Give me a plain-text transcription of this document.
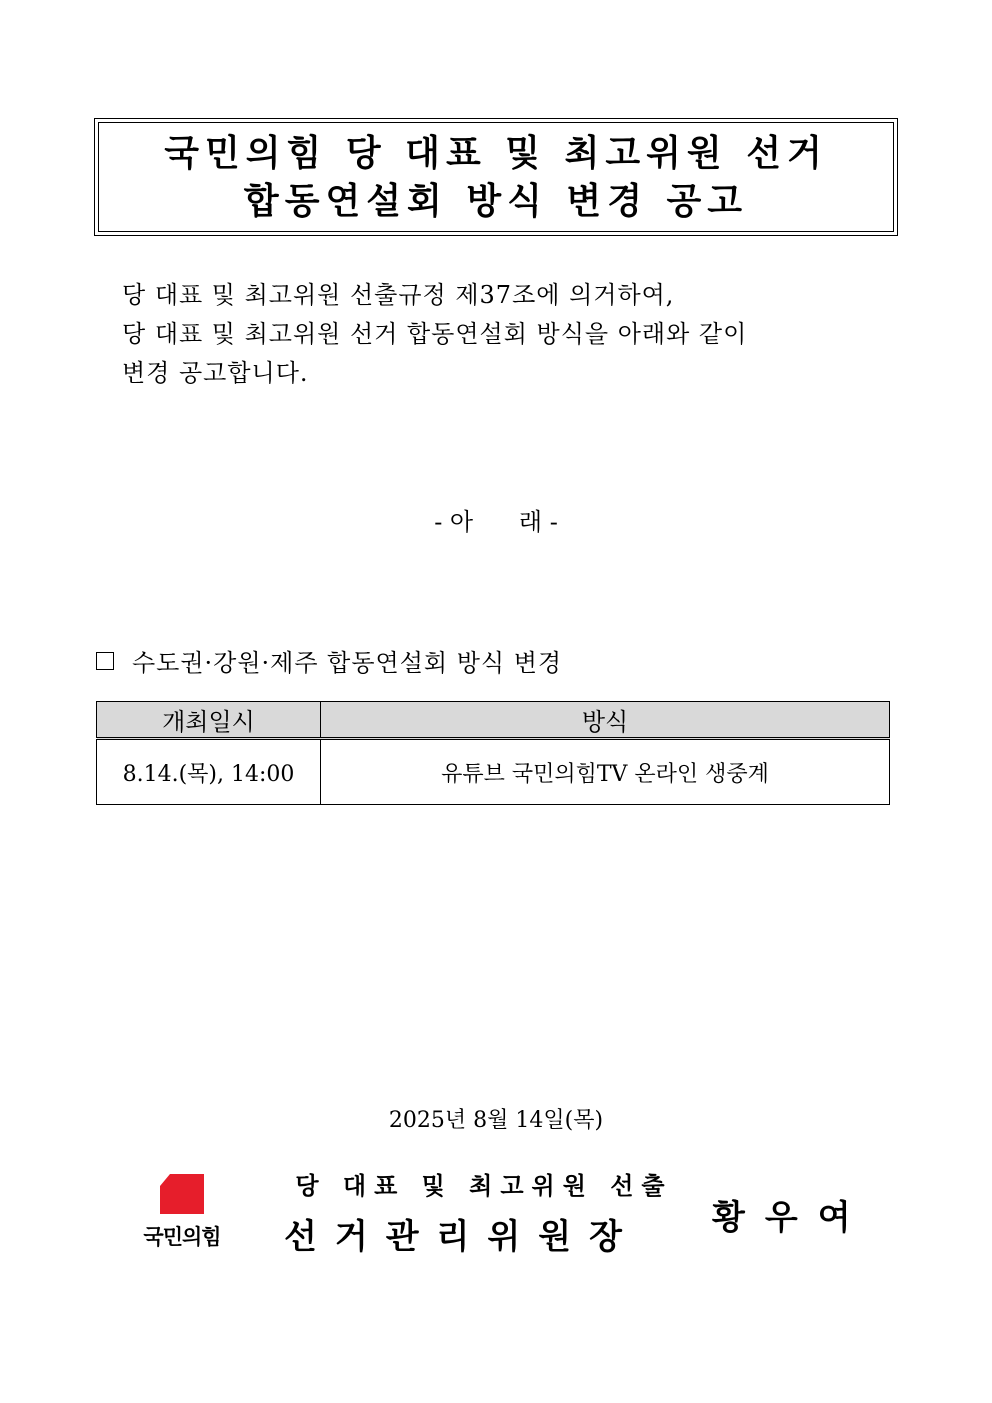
국민의힘 당 대표 및 최고위원 선거
합동연설회 방식 변경 공고
당 대표 및 최고위원 선출규정 제37조에 의거하여,
당 대표 및 최고위원 선거 합동연설회 방식을 아래와 같이
변경 공고합니다.
- 아      래 -
수도권·강원·제주 합동연설회 방식 변경
개최일시	방식
8.14.(목), 14:00	유튜브 국민의힘TV 온라인 생중계
2025년 8월 14일(목)
국민의힘
당 대표 및 최고위원 선출
선거관리위원장	황우여
